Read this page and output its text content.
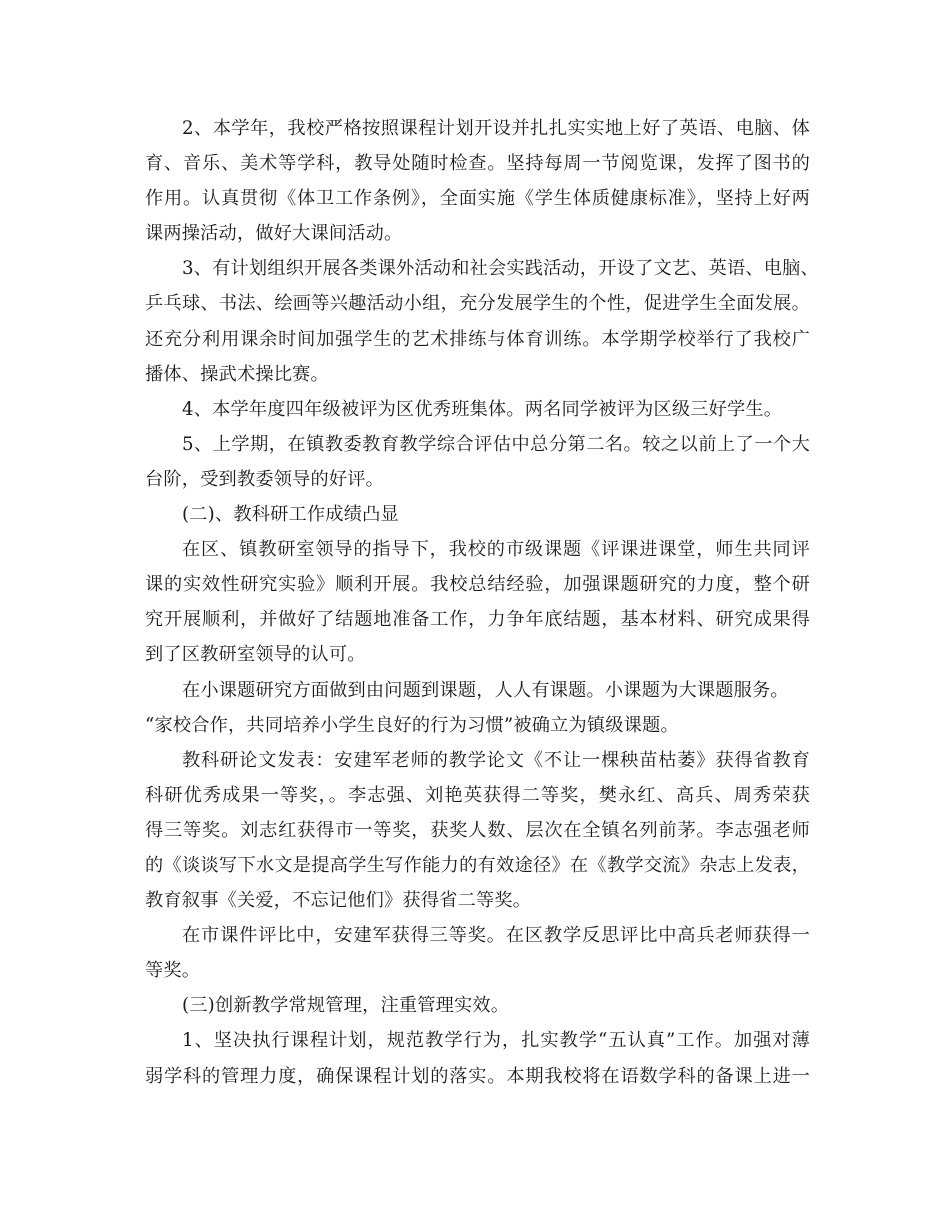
2、本学年，我校严格按照课程计划开设并扎扎实实地上好了英语、电脑、体
育、音乐、美术等学科，教导处随时检查。坚持每周一节阅览课，发挥了图书的
作用。认真贯彻《体卫工作条例》，全面实施《学生体质健康标准》，坚持上好两
课两操活动，做好大课间活动。
3、有计划组织开展各类课外活动和社会实践活动，开设了文艺、英语、电脑、
乒乓球、书法、绘画等兴趣活动小组，充分发展学生的个性，促进学生全面发展。
还充分利用课余时间加强学生的艺术排练与体育训练。本学期学校举行了我校广
播体、操武术操比赛。
4、本学年度四年级被评为区优秀班集体。两名同学被评为区级三好学生。
5、上学期，在镇教委教育教学综合评估中总分第二名。较之以前上了一个大
台阶，受到教委领导的好评。
(二)、教科研工作成绩凸显
在区、镇教研室领导的指导下，我校的市级课题《评课进课堂，师生共同评
课的实效性研究实验》顺利开展。我校总结经验，加强课题研究的力度，整个研
究开展顺利，并做好了结题地准备工作，力争年底结题，基本材料、研究成果得
到了区教研室领导的认可。
在小课题研究方面做到由问题到课题，人人有课题。小课题为大课题服务。
“家校合作，共同培养小学生良好的行为习惯”被确立为镇级课题。
教科研论文发表：安建军老师的教学论文《不让一棵秧苗枯萎》获得省教育
科研优秀成果一等奖，。李志强、刘艳英获得二等奖，樊永红、高兵、周秀荣获
得三等奖。刘志红获得市一等奖，获奖人数、层次在全镇名列前茅。李志强老师
的《谈谈写下水文是提高学生写作能力的有效途径》在《教学交流》杂志上发表，
教育叙事《关爱，不忘记他们》获得省二等奖。
在市课件评比中，安建军获得三等奖。在区教学反思评比中高兵老师获得一
等奖。
(三)创新教学常规管理，注重管理实效。
1、坚决执行课程计划，规范教学行为，扎实教学“五认真”工作。加强对薄
弱学科的管理力度，确保课程计划的落实。本期我校将在语数学科的备课上进一
